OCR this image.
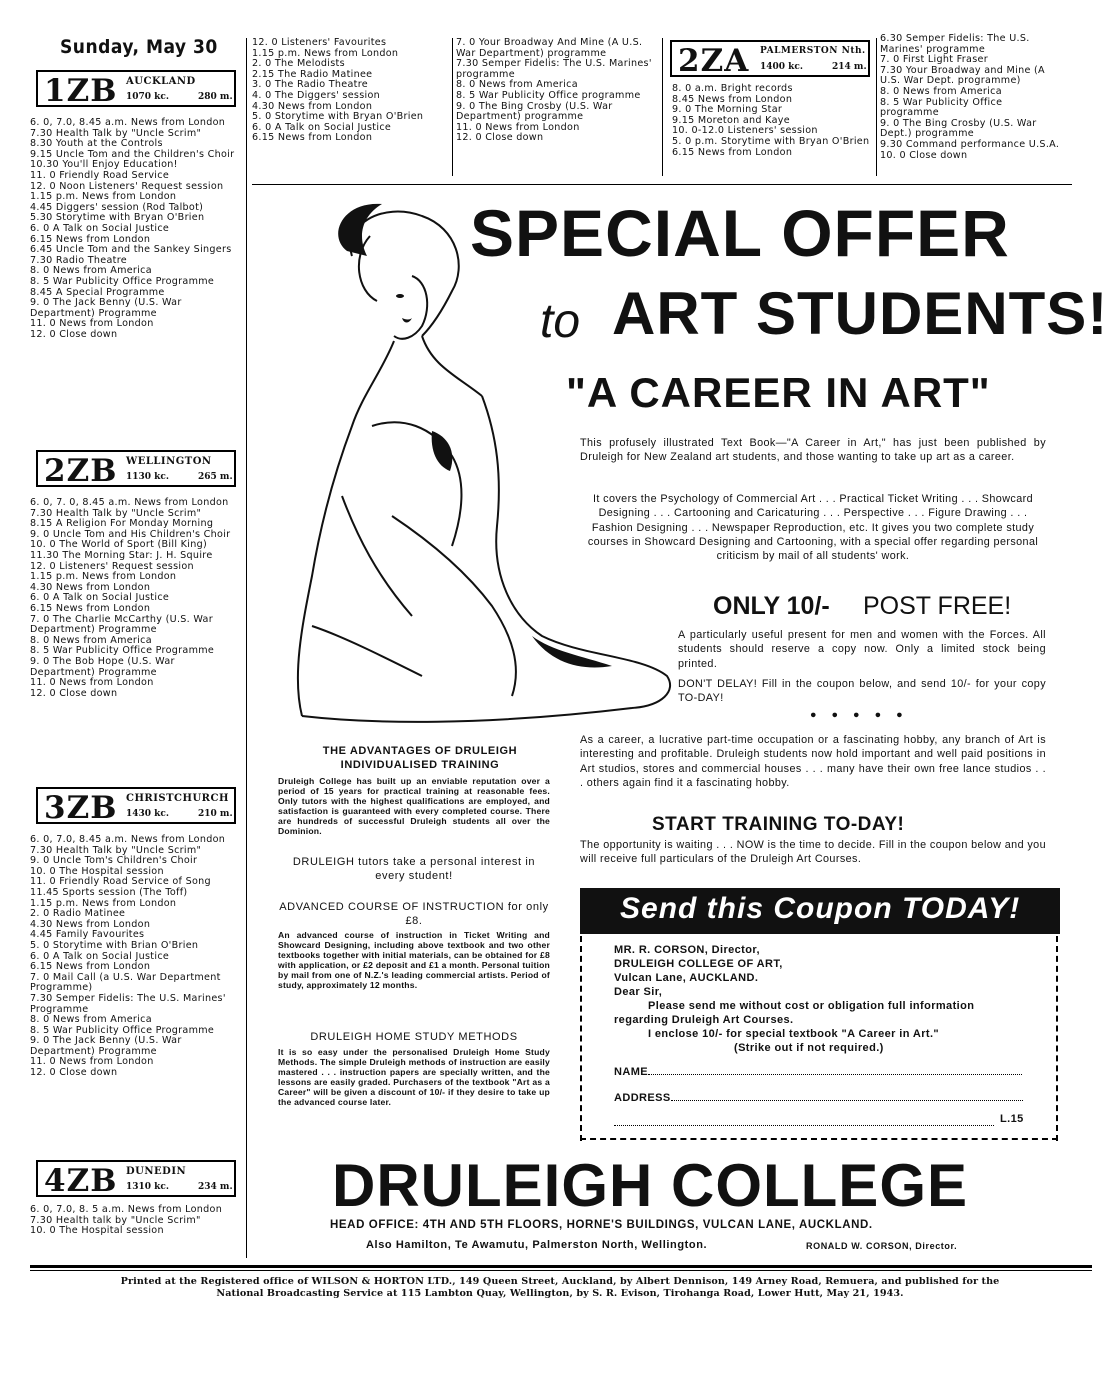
Sunday, May 30
1ZB AUCKLAND
1070 kc.	280 m.
6. 0, 7.0, 8.45 a.m. News from London
7.30 Health Talk by "Uncle Scrim"
8.30 Youth at the Controls
9.15 Uncle Tom and the Children's Choir
10.30 You'll Enjoy Education!
11. 0 Friendly Road Service
12. 0 Noon Listeners' Request session
1.15 p.m. News from London
4.45 Diggers' session (Rod Talbot)
5.30 Storytime with Bryan O'Brien
6. 0 A Talk on Social Justice
6.15 News from London
6.45 Uncle Tom and the Sankey Singers
7.30 Radio Theatre
8. 0 News from America
8. 5 War Publicity Office Programme
8.45 A Special Programme
9. 0 The Jack Benny (U.S. War Department) Programme
11. 0 News from London
12. 0 Close down
2ZB WELLINGTON
1130 kc.	265 m.
6. 0, 7. 0, 8.45 a.m. News from London
7.30 Health Talk by "Uncle Scrim"
8.15 A Religion For Monday Morning
9. 0 Uncle Tom and His Children's Choir
10. 0 The World of Sport (Bill King)
11.30 The Morning Star: J. H. Squire
12. 0 Listeners' Request session
1.15 p.m. News from London
4.30 News from London
6. 0 A Talk on Social Justice
6.15 News from London
7. 0 The Charlie McCarthy (U.S. War Department) Programme
8. 0 News from America
8. 5 War Publicity Office Programme
9. 0 The Bob Hope (U.S. War Department) Programme
11. 0 News from London
12. 0 Close down
3ZB CHRISTCHURCH
1430 kc.	210 m.
6. 0, 7.0, 8.45 a.m. News from London
7.30 Health Talk by "Uncle Scrim"
9. 0 Uncle Tom's Children's Choir
10. 0 The Hospital session
11. 0 Friendly Road Service of Song
11.45 Sports session (The Toff)
1.15 p.m. News from London
2. 0 Radio Matinee
4.30 News from London
4.45 Family Favourites
5. 0 Storytime with Brian O'Brien
6. 0 A Talk on Social Justice
6.15 News from London
7. 0 Mail Call (a U.S. War Department Programme)
7.30 Semper Fidelis: The U.S. Marines' Programme
8. 0 News from America
8. 5 War Publicity Office Programme
9. 0 The Jack Benny (U.S. War Department) Programme
11. 0 News from London
12. 0 Close down
4ZB DUNEDIN
1310 kc.	234 m.
6. 0, 7.0, 8. 5 a.m. News from London
7.30 Health talk by "Uncle Scrim"
10. 0 The Hospital session
12. 0 Listeners' Favourites
1.15 p.m. News from London
2. 0 The Melodists
2.15 The Radio Matinee
3. 0 The Radio Theatre
4. 0 The Diggers' session
4.30 News from London
5. 0 Storytime with Bryan O'Brien
6. 0 A Talk on Social Justice
6.15 News from London
7. 0 Your Broadway And Mine (A U.S. War Department) programme
7.30 Semper Fidelis: The U.S. Marines' programme
8. 0 News from America
8. 5 War Publicity Office programme
9. 0 The Bing Crosby (U.S. War Department) programme
11. 0 News from London
12. 0 Close down
2ZA PALMERSTON Nth.
1400 kc.	214 m.
8. 0 a.m. Bright records
8.45 News from London
9. 0 The Morning Star
9.15 Moreton and Kaye
10. 0-12.0 Listeners' session
5. 0 p.m. Storytime with Bryan O'Brien
6.15 News from London
6.30 Semper Fidelis: The U.S. Marines' programme
7. 0 First Light Fraser
7.30 Your Broadway and Mine (A U.S. War Dept. programme)
8. 0 News from America
8. 5 War Publicity Office programme
9. 0 The Bing Crosby (U.S. War Dept.) programme
9.30 Command performance U.S.A.
10. 0 Close down
SPECIAL OFFER
to ART STUDENTS!
"A CAREER IN ART"
This profusely illustrated Text Book—"A Career in Art," has just been published by Druleigh for New Zealand art students, and those wanting to take up art as a career.
It covers the Psychology of Commercial Art . . . Practical Ticket Writing . . . Showcard Designing . . . Cartooning and Caricaturing . . . Perspective . . . Figure Drawing . . . Fashion Designing . . . Newspaper Reproduction, etc. It gives you two complete study courses in Showcard Designing and Cartooning, with a special offer regarding personal criticism by mail of all students' work.
ONLY 10/- POST FREE!
A particularly useful present for men and women with the Forces. All students should reserve a copy now. Only a limited stock being printed.
DON'T DELAY! Fill in the coupon below, and send 10/- for your copy TO-DAY!
● ● ● ● ●
As a career, a lucrative part-time occupation or a fascinating hobby, any branch of Art is interesting and profitable. Druleigh students now hold important and well paid positions in Art studios, stores and commercial houses . . . many have their own free lance studios . . . others again find it a fascinating hobby.
START TRAINING TO-DAY!
The opportunity is waiting . . . NOW is the time to decide. Fill in the coupon below and you will receive full particulars of the Druleigh Art Courses.
THE ADVANTAGES OF DRULEIGH INDIVIDUALISED TRAINING
Druleigh College has built up an enviable reputation over a period of 15 years for practical training at reasonable fees. Only tutors with the highest qualifications are employed, and satisfaction is guaranteed with every completed course. There are hundreds of successful Druleigh students all over the Dominion.
DRULEIGH tutors take a personal interest in every student!
ADVANCED COURSE OF INSTRUCTION for only £8.
An advanced course of instruction in Ticket Writing and Showcard Designing, including above textbook and two other textbooks together with initial materials, can be obtained for £8 with application, or £2 deposit and £1 a month. Personal tuition by mail from one of N.Z.'s leading commercial artists. Period of study, approximately 12 months.
DRULEIGH HOME STUDY METHODS
It is so easy under the personalised Druleigh Home Study Methods. The simple Druleigh methods of instruction are easily mastered . . . instruction papers are specially written, and the lessons are easily graded. Purchasers of the textbook "Art as a Career" will be given a discount of 10/- if they desire to take up the advanced course later.
Send this Coupon TODAY!
MR. R. CORSON, Director,
DRULEIGH COLLEGE OF ART,
Vulcan Lane, AUCKLAND.
Dear Sir,
Please send me without cost or obligation full information
regarding Druleigh Art Courses.
I enclose 10/- for special textbook "A Career in Art."
(Strike out if not required.)
NAME
ADDRESS
L.15
DRULEIGH COLLEGE
HEAD OFFICE: 4TH AND 5TH FLOORS, HORNE'S BUILDINGS, VULCAN LANE, AUCKLAND.
Also Hamilton, Te Awamutu, Palmerston North, Wellington.	RONALD W. CORSON, Director.
Printed at the Registered office of WILSON & HORTON LTD., 149 Queen Street, Auckland, by Albert Dennison, 149 Arney Road, Remuera, and published for the
National Broadcasting Service at 115 Lambton Quay, Wellington, by S. R. Evison, Tirohanga Road, Lower Hutt, May 21, 1943.
